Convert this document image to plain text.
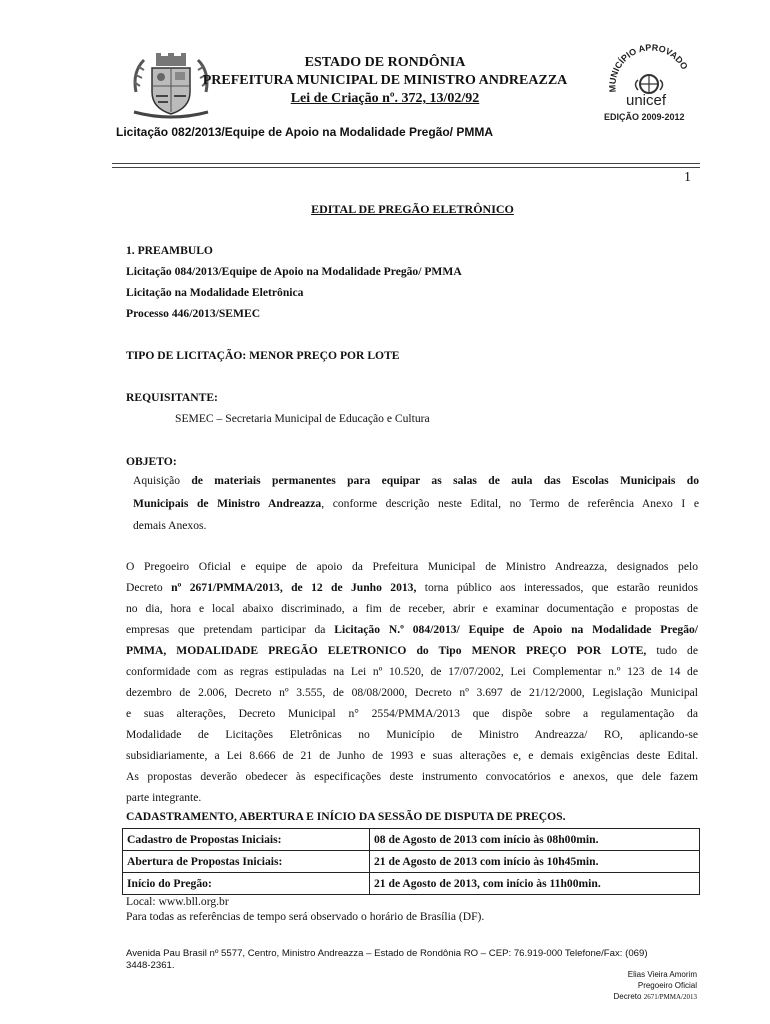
ESTADO DE RONDÔNIA
PREFEITURA MUNICIPAL DE MINISTRO ANDREAZZA
Lei de Criação nº. 372, 13/02/92
MUNICÍPIO APROVADO
unicef
EDIÇÃO 2009-2012
Licitação 082/2013/Equipe de Apoio na Modalidade Pregão/ PMMA
1
EDITAL DE PREGÃO ELETRÔNICO
1. PREAMBULO
Licitação 084/2013/Equipe de Apoio na Modalidade Pregão/ PMMA
Licitação na Modalidade Eletrônica
Processo 446/2013/SEMEC
TIPO DE LICITAÇÃO: MENOR PREÇO POR LOTE
REQUISITANTE:
SEMEC – Secretaria Municipal de Educação e Cultura
OBJETO:
Aquisição de materiais permanentes para equipar as salas de aula das Escolas Municipais do
Municipais de Ministro Andreazza, conforme descrição neste Edital, no Termo de referência Anexo I e
demais Anexos.
O Pregoeiro Oficial e equipe de apoio da Prefeitura Municipal de Ministro Andreazza, designados pelo
Decreto nº 2671/PMMA/2013, de 12 de Junho 2013, torna público aos interessados, que estarão reunidos
no dia, hora e local abaixo discriminado, a fim de receber, abrir e examinar documentação e propostas de
empresas que pretendam participar da Licitação N.º 084/2013/ Equipe de Apoio na Modalidade Pregão/
PMMA, MODALIDADE PREGÃO ELETRONICO do Tipo MENOR PREÇO POR LOTE, tudo de
conformidade com as regras estipuladas na Lei nº 10.520, de 17/07/2002, Lei Complementar n.º 123 de 14 de
dezembro de 2.006, Decreto nº 3.555, de 08/08/2000, Decreto nº 3.697 de 21/12/2000, Legislação Municipal
e suas alterações, Decreto Municipal n° 2554/PMMA/2013 que dispõe sobre a regulamentação da
Modalidade de Licitações Eletrônicas no Município de Ministro Andreazza/ RO, aplicando-se
subsidiariamente, a Lei 8.666 de 21 de Junho de 1993 e suas alterações e, e demais exigências deste Edital.
As propostas deverão obedecer às especificações deste instrumento convocatórios e anexos, que dele fazem
parte integrante.
CADASTRAMENTO, ABERTURA E INÍCIO DA SESSÃO DE DISPUTA DE PREÇOS.
Cadastro de Propostas Iniciais:	08 de Agosto de 2013 com início às 08h00min.
Abertura de Propostas Iniciais:	21 de Agosto de 2013 com início às 10h45min.
Início do Pregão:	21 de Agosto de 2013, com início às 11h00min.
Local: www.bll.org.br
Para todas as referências de tempo será observado o horário de Brasília (DF).
Avenida Pau Brasil nº 5577, Centro, Ministro Andreazza – Estado de Rondônia RO – CEP: 76.919-000 Telefone/Fax: (069)
3448-2361.
Elias Vieira Amorim
Pregoeiro Oficial
Decreto 2671/PMMA/2013
